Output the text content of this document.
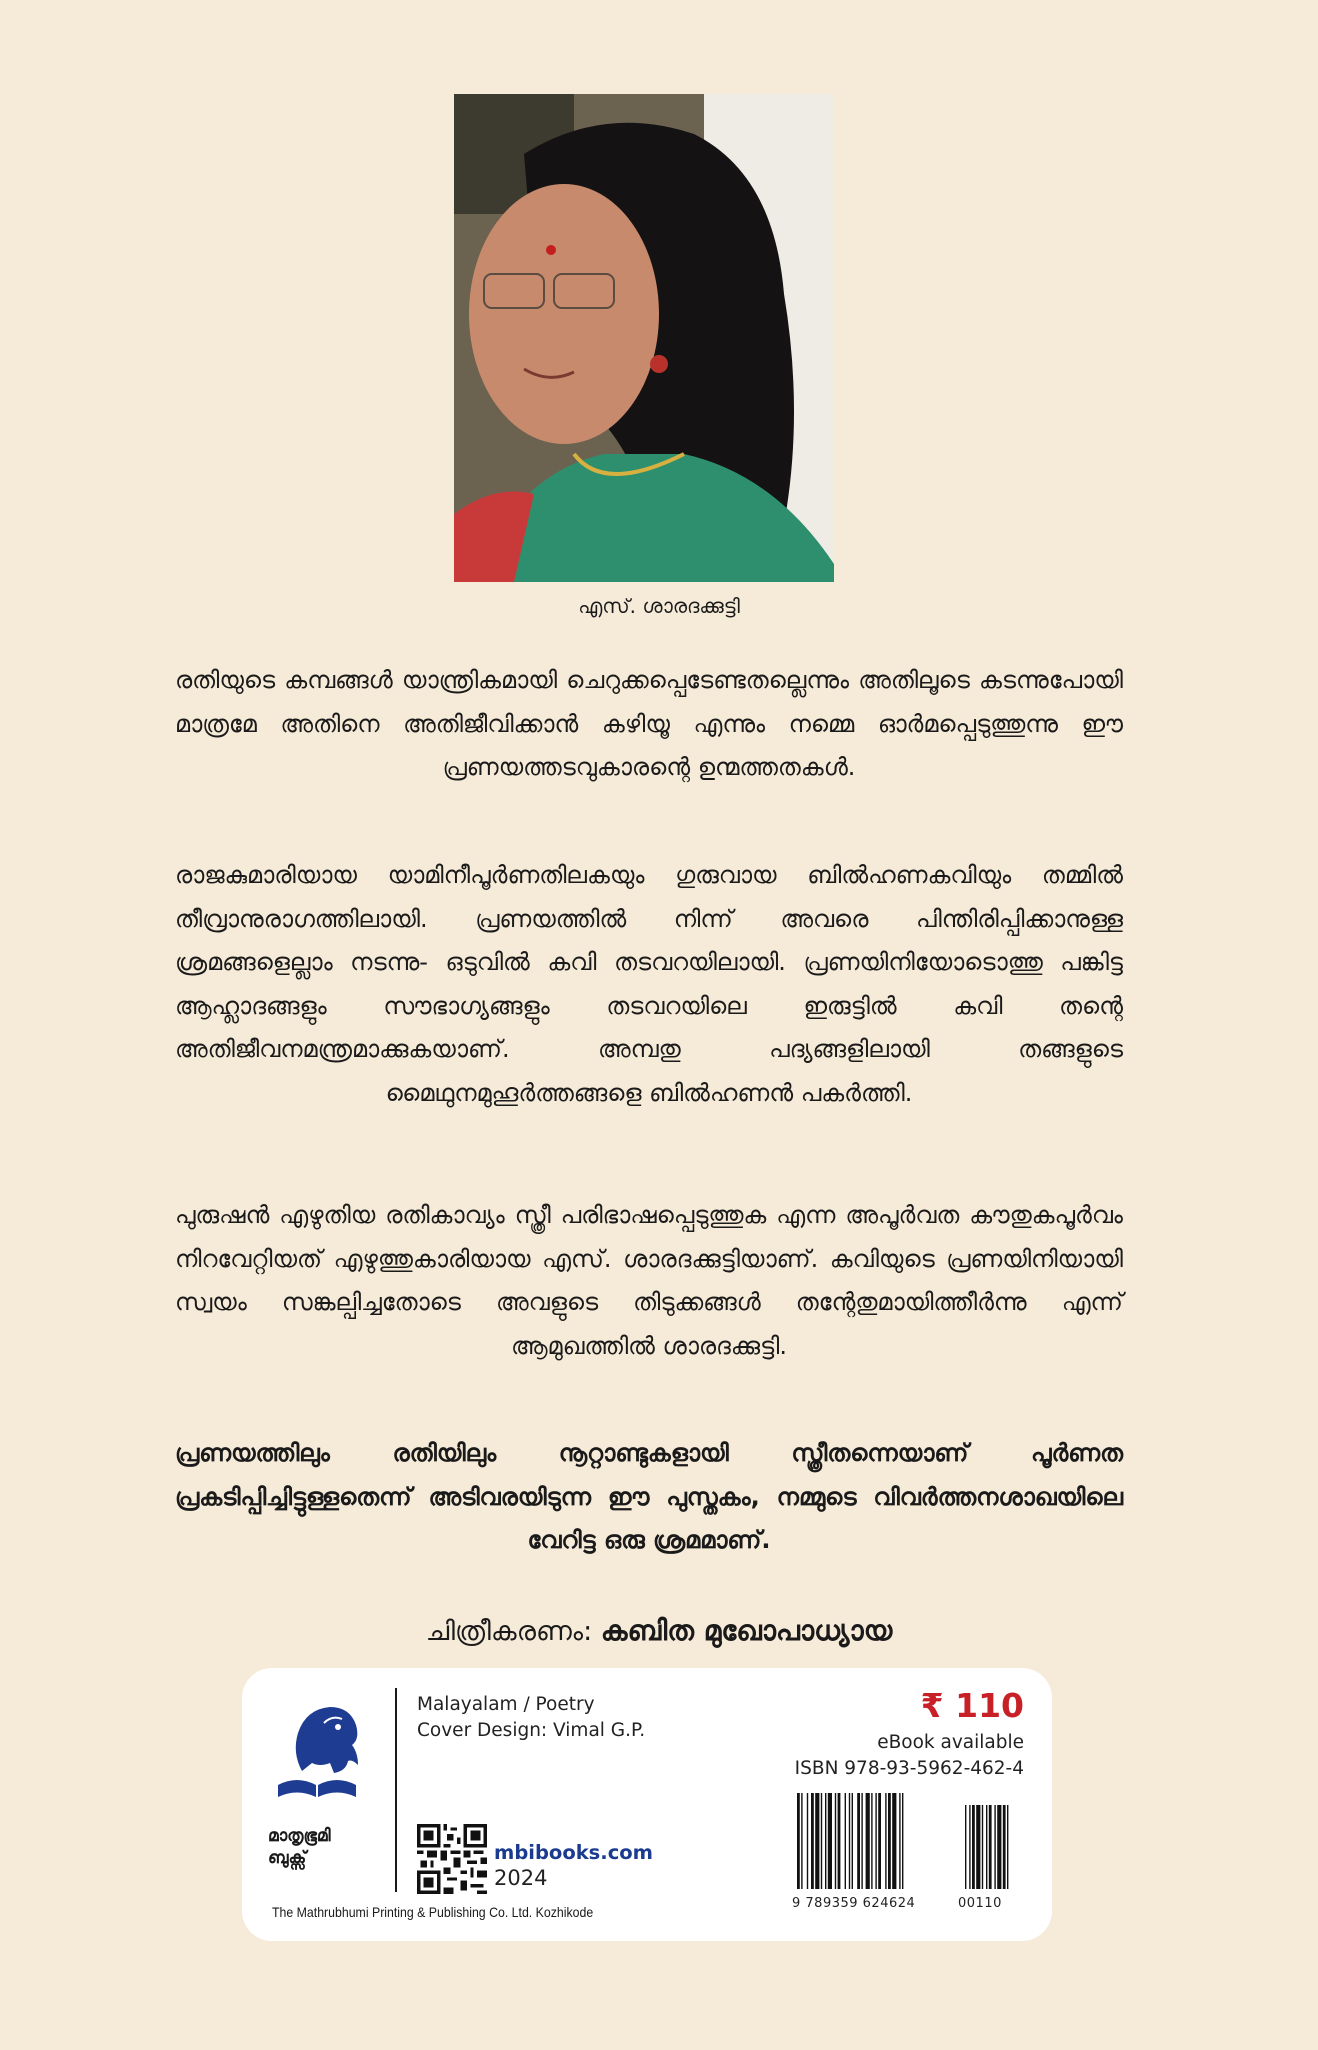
എസ്. ശാരദക്കുട്ടി

രതിയുടെ കമ്പങ്ങൾ യാന്ത്രികമായി ചെറുക്കപ്പെടേണ്ടതല്ലെന്നും അതിലൂടെ കടന്നുപോയി മാത്രമേ അതിനെ അതിജീവിക്കാൻ കഴിയൂ എന്നും നമ്മെ ഓർമപ്പെടുത്തുന്നു ഈ പ്രണയത്തടവുകാരന്റെ ഉന്മത്തതകൾ.

രാജകുമാരിയായ യാമിനീപൂർണതിലകയും ഗുരുവായ ബിൽഹണകവിയും തമ്മിൽ തീവ്രാനുരാഗത്തിലായി. പ്രണയത്തിൽ നിന്ന് അവരെ പിന്തിരിപ്പിക്കാനുള്ള ശ്രമങ്ങളെല്ലാം നടന്നു- ഒടുവിൽ കവി തടവറയിലായി. പ്രണയിനിയോടൊത്തു പങ്കിട്ട ആഹ്ലാദങ്ങളും സൗഭാഗ്യങ്ങളും തടവറയിലെ ഇരുട്ടിൽ കവി തന്റെ അതിജീവനമന്ത്രമാക്കുകയാണ്. അമ്പതു പദ്യങ്ങളിലായി തങ്ങളുടെ മൈഥുനമുഹൂർത്തങ്ങളെ ബിൽഹണൻ പകർത്തി.

പുരുഷൻ എഴുതിയ രതികാവ്യം സ്ത്രീ പരിഭാഷപ്പെടുത്തുക എന്ന അപൂർവത കൗതുകപൂർവം നിറവേറ്റിയത് എഴുത്തുകാരിയായ എസ്. ശാരദക്കുട്ടിയാണ്. കവിയുടെ പ്രണയിനിയായി സ്വയം സങ്കല്പിച്ചതോടെ അവളുടെ തിടുക്കങ്ങൾ തന്റേതുമായിത്തീർന്നു എന്ന് ആമുഖത്തിൽ ശാരദക്കുട്ടി.

പ്രണയത്തിലും രതിയിലും നൂറ്റാണ്ടുകളായി സ്ത്രീതന്നെയാണ് പൂർണത പ്രകടിപ്പിച്ചിട്ടുള്ളതെന്ന് അടിവരയിടുന്ന ഈ പുസ്തകം, നമ്മുടെ വിവർത്തനശാഖയിലെ വേറിട്ട ഒരു ശ്രമമാണ്.

ചിത്രീകരണം: കബിത മുഖോപാധ്യായ
മാതൃഭൂമി
ബുക്സ്
The Mathrubhumi Printing & Publishing Co. Ltd. Kozhikode
Malayalam / Poetry
Cover Design: Vimal G.P.
mbibooks.com
2024
₹ 110
eBook available
ISBN 978-93-5962-462-4
9 789359 624624	00110
